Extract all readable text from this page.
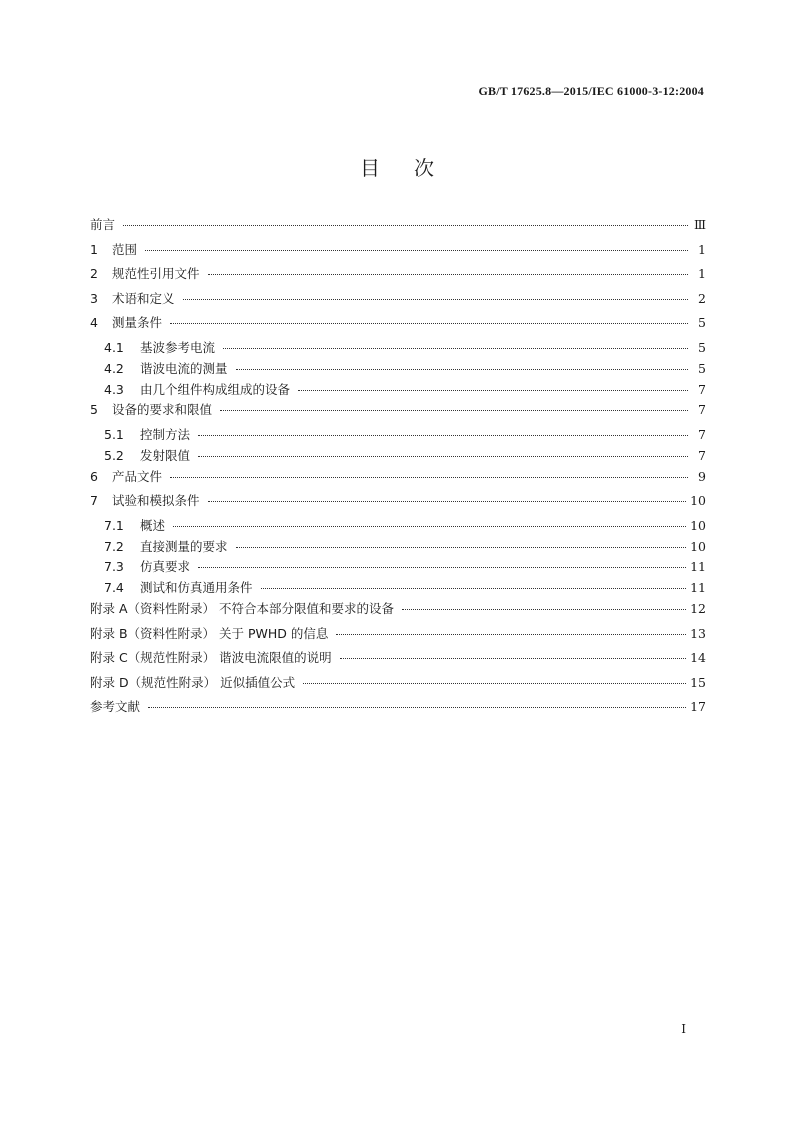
GB/T 17625.8—2015/IEC 61000-3-12:2004
目次
前言	Ⅲ
1	范围	1
2	规范性引用文件	1
3	术语和定义	2
4	测量条件	5
4.1	基波参考电流	5
4.2	谐波电流的测量	5
4.3	由几个组件构成组成的设备	7
5	设备的要求和限值	7
5.1	控制方法	7
5.2	发射限值	7
6	产品文件	9
7	试验和模拟条件	10
7.1	概述	10
7.2	直接测量的要求	10
7.3	仿真要求	11
7.4	测试和仿真通用条件	11
附录 A（资料性附录） 不符合本部分限值和要求的设备	12
附录 B（资料性附录） 关于 PWHD 的信息	13
附录 C（规范性附录） 谐波电流限值的说明	14
附录 D（规范性附录） 近似插值公式	15
参考文献	17
I
